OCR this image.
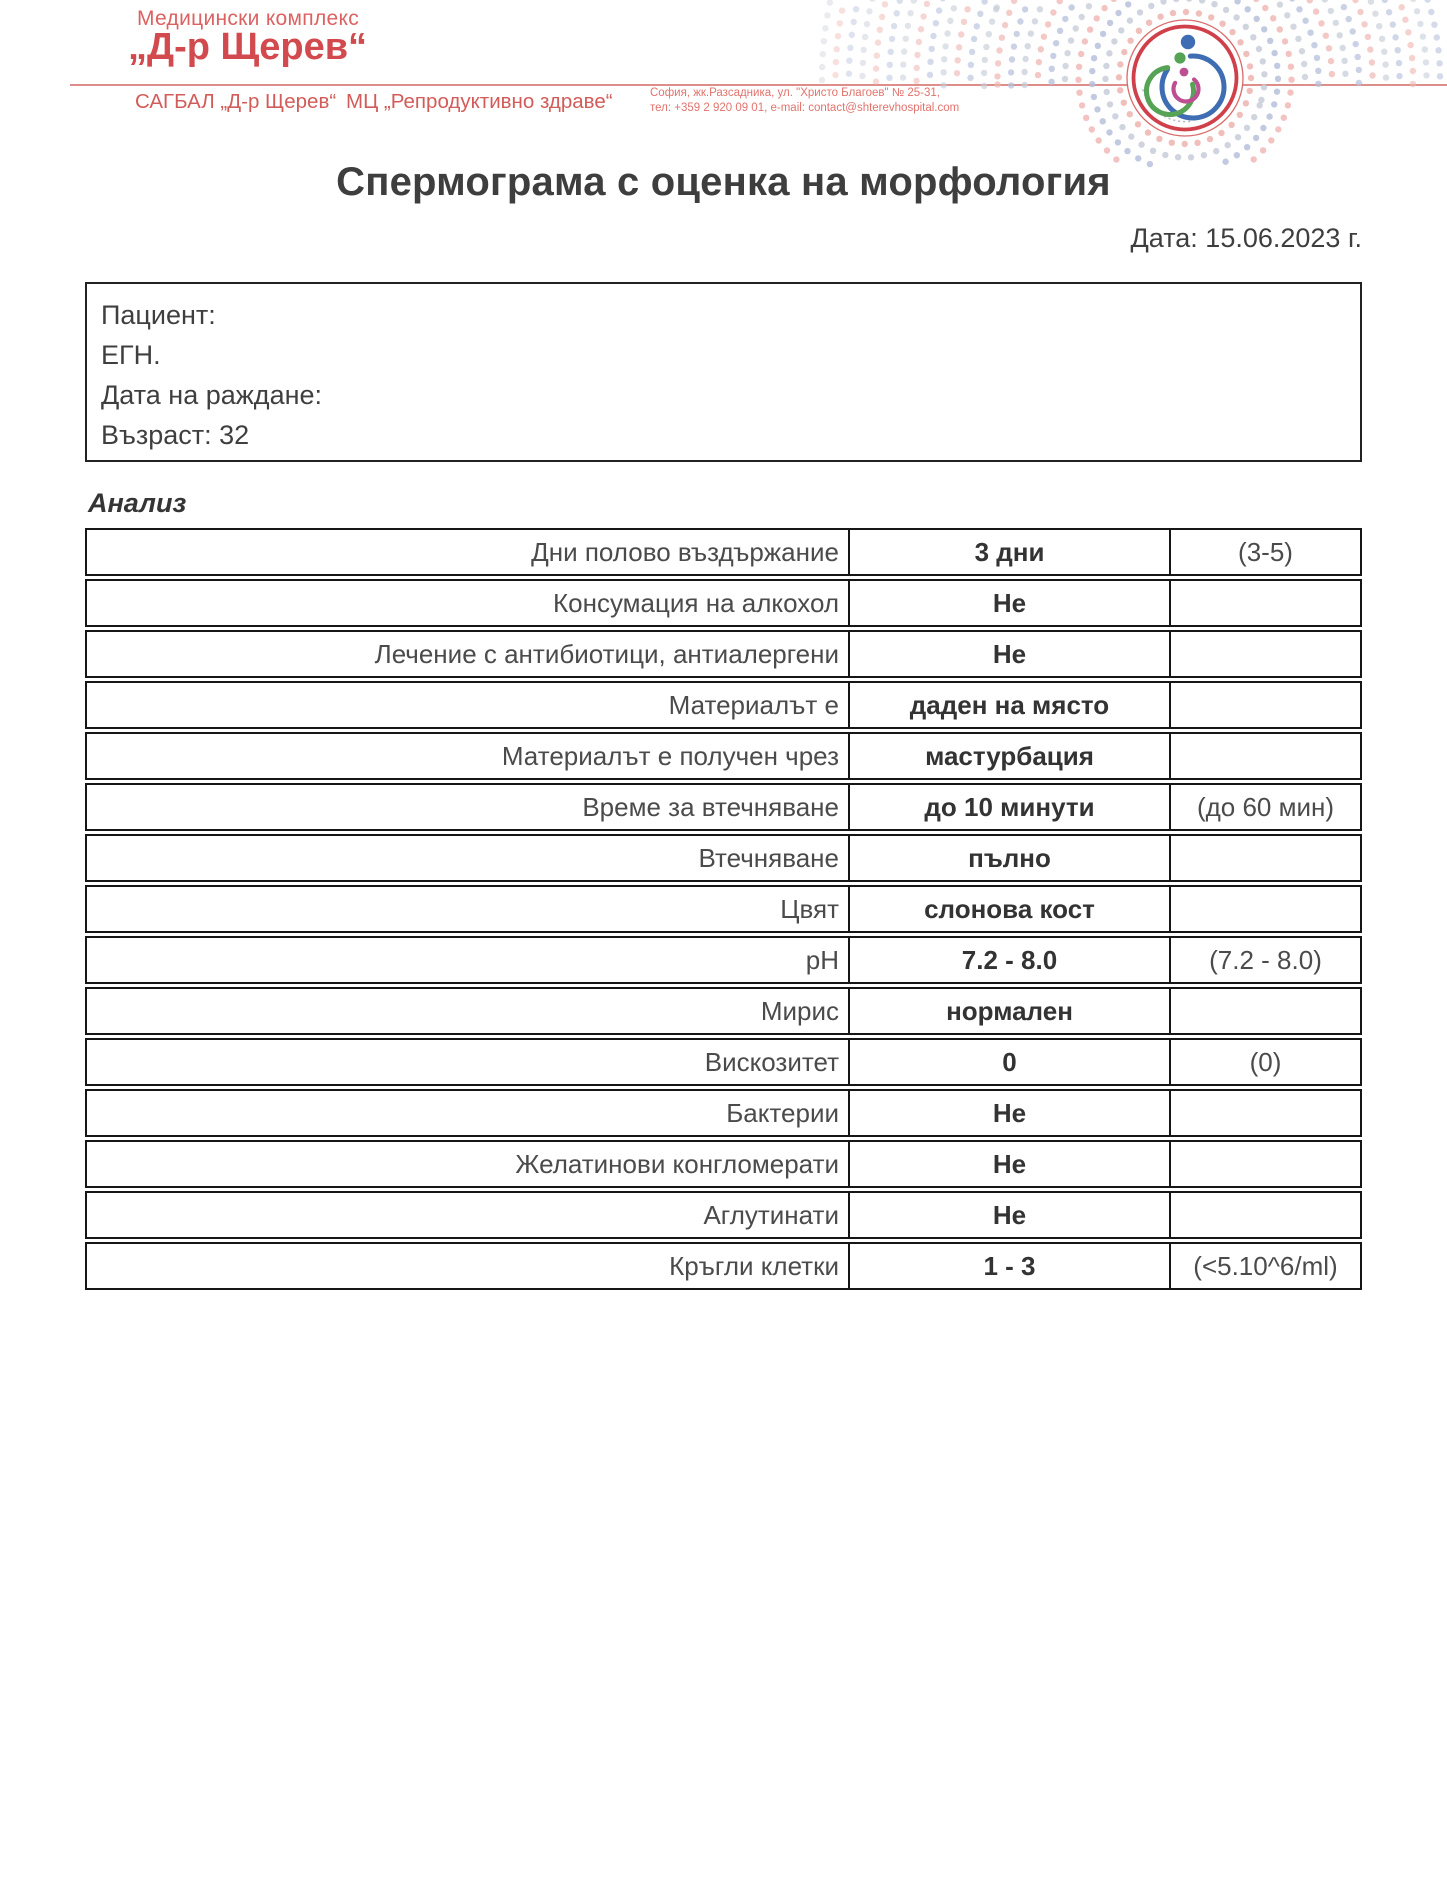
Медицински комплекс
„Д-р Щерев“
САГБАЛ „Д-р Щерев“ МЦ „Репродуктивно здраве“	София, жк.Разсадника, ул. "Христо Благоев" № 25-31,
тел: +359 2 920 09 01, e-mail: contact@shterevhospital.com
Спермограма с оценка на морфология
Дата: 15.06.2023 г.
Пациент:
ЕГН.
Дата на раждане:
Възраст: 32
Анализ
Дни полово въздържание	3 дни	(3-5)
Консумация на алкохол	Не
Лечение с антибиотици, антиалергени	Не
Материалът е	даден на място
Материалът е получен чрез	мастурбация
Време за втечняване	до 10 минути	(до 60 мин)
Втечняване	пълно
Цвят	слонова кост
pH	7.2 - 8.0	(7.2 - 8.0)
Мирис	нормален
Вискозитет	0	(0)
Бактерии	Не
Желатинови конгломерати	Не
Аглутинати	Не
Кръгли клетки	1 - 3	(<5.10^6/ml)
